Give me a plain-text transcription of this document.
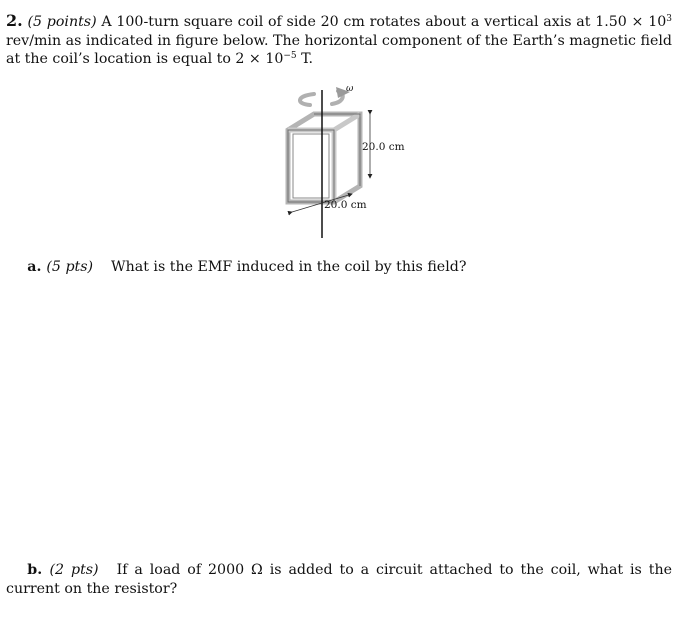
2. (5 points) A 100-turn square coil of side 20 cm rotates about a vertical axis at $1.50 \times 10^3$ rev/min as indicated in figure below. The horizontal component of the Earth’s magnetic field at the coil’s location is equal to $2 \times 10^{-5}$ T.
ω
20.0 cm
20.0 cm
   a. (5 pts) What is the EMF induced in the coil by this field?
   b. (2 pts) If a load of 2000 Ω is added to a circuit attached to the coil, what is the current on the resistor?
